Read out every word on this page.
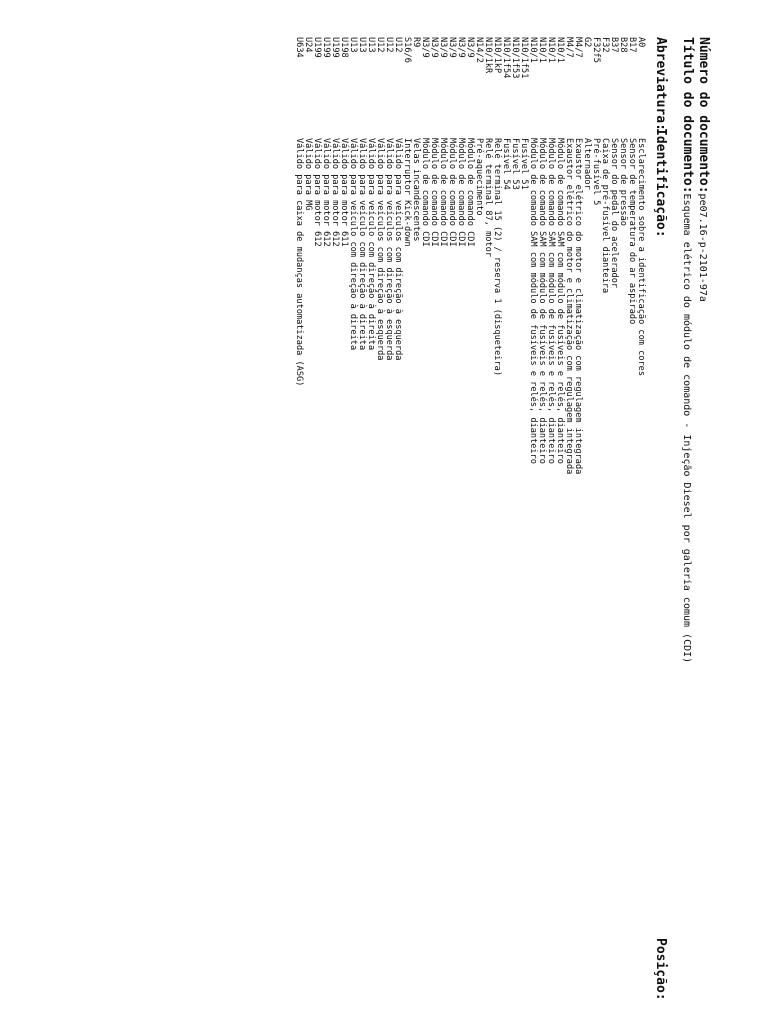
Número do documento:pe07.16-p-2101-97a
Título do documento:Esquema elétrico do módulo de comando - Injeção Diesel por galeria comum (CDI)
Abreviatura:
Identificação:
Posição:
A0
Esclarecimento sobre a identificação com cores
B17
Sensor de temperatura do ar aspirado
B28
Sensor de pressão
B37
Sensor do pedal do acelerador
F32
Caixa de pré-fusível dianteira
F32f5
Pré-fusível 5
G2
Alternador
M4/7
Exaustor elétrico do motor e climatização com regulagem integrada
M4/7
Exaustor elétrico do motor e climatização com regulagem integrada
N10/1
Módulo de comando SAM com módulo de fusíveis e relés, dianteiro
N10/1
Módulo de comando SAM com módulo de fusíveis e relés, dianteiro
N10/1
Módulo de comando SAM com módulo de fusíveis e relés, dianteiro
N10/1
Módulo de comando SAM com módulo de fusíveis e relés, dianteiro
N10/1f51
Fusível 51
N10/1f53
Fusível 53
N10/1f54
Fusível 54
N10/1kP
Relé terminal 15 (2) / reserva 1 (disqueteira)
N10/1kR
Relé terminal 87, motor
N14/2
Pré-aquecimento
N3/9
Módulo de comando CDI
N3/9
Módulo de comando CDI
N3/9
Módulo de comando CDI
N3/9
Módulo de comando CDI
N3/9
Módulo de comando CDI
N3/9
Módulo de comando CDI
R9
Velas incandescentes
S16/6
Interruptor Kick-down
U12
Válido para veículos com direção à esquerda
U12
Válido para veículos com direção à esquerda
U12
Válido para veículos com direção à esquerda
U13
Válido para veículo com direção à direita
U13
Válido para veículo com direção à direita
U13
Válido para veículo com direção à direita
U198
Válido para motor 611
U199
Válido para motor 612
U199
Válido para motor 612
U199
Válido para motor 612
U24
Válido para MG
U634
Válido para caixa de mudanças automatizada (ASG)
